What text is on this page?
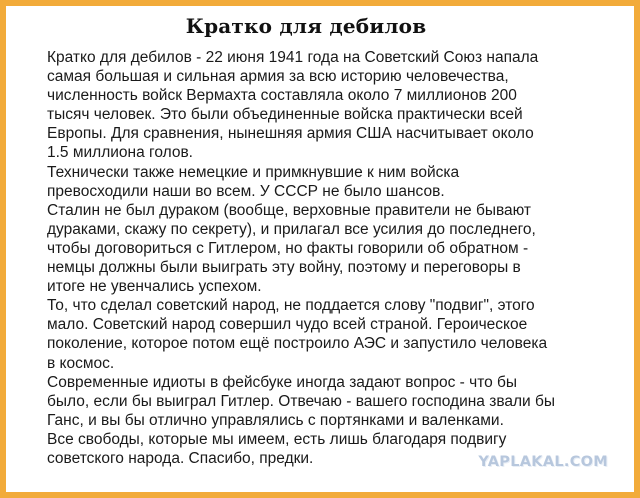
Кратко для дебилов
Кратко для дебилов - 22 июня 1941 года на Советский Союз напала
самая большая и сильная армия за всю историю человечества,
численность войск Вермахта составляла около 7 миллионов 200
тысяч человек. Это были объединенные войска практически всей
Европы. Для сравнения, нынешняя армия США насчитывает около
1.5 миллиона голов.
Технически также немецкие и примкнувшие к ним войска
превосходили наши во всем. У СССР не было шансов.
Сталин не был дураком (вообще, верховные правители не бывают
дураками, скажу по секрету), и прилагал все усилия до последнего,
чтобы договориться с Гитлером, но факты говорили об обратном -
немцы должны были выиграть эту войну, поэтому и переговоры в
итоге не увенчались успехом.
То, что сделал советский народ, не поддается слову "подвиг", этого
мало. Советский народ совершил чудо всей страной. Героическое
поколение, которое потом ещё построило АЭС и запустило человека
в космос.
Современные идиоты в фейсбуке иногда задают вопрос - что бы
было, если бы выиграл Гитлер. Отвечаю - вашего господина звали бы
Ганс, и вы бы отлично управлялись с портянками и валенками.
Все свободы, которые мы имеем, есть лишь благодаря подвигу
советского народа. Спасибо, предки.	YAPLAKAL.COM
